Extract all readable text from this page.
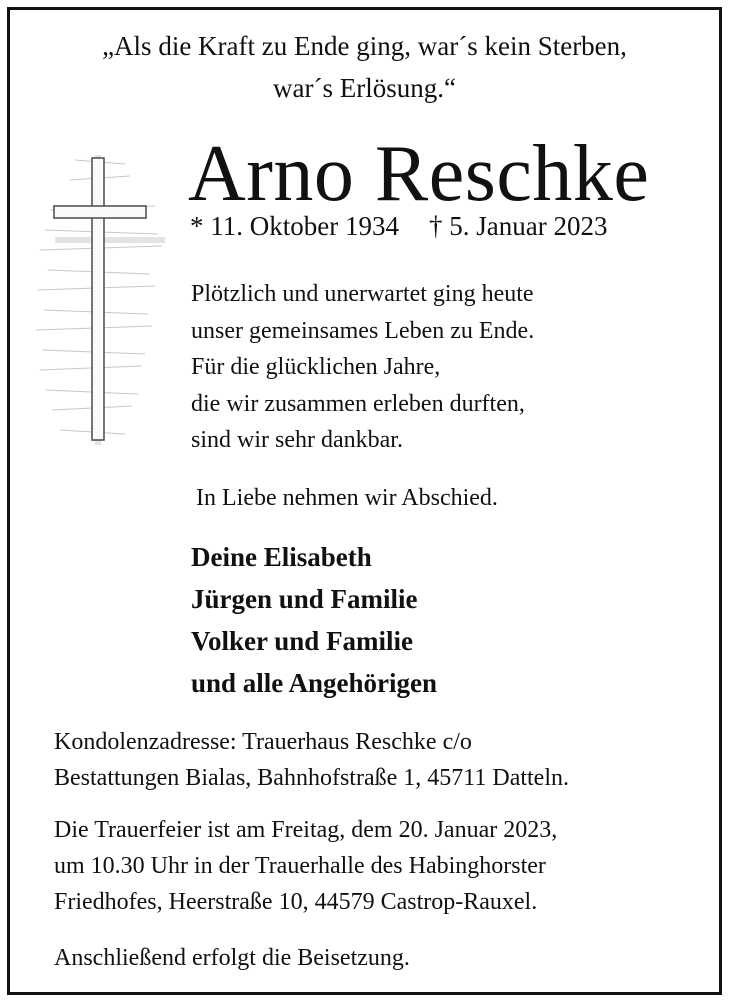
„Als die Kraft zu Ende ging, war´s kein Sterben,

war´s Erlösung.“

Arno Reschke

* 11. Oktober 1934 † 5. Januar 2023

Plötzlich und unerwartet ging heute
unser gemeinsames Leben zu Ende.
Für die glücklichen Jahre,
die wir zusammen erleben durften,
sind wir sehr dankbar.

In Liebe nehmen wir Abschied.

Deine Elisabeth
Jürgen und Familie
Volker und Familie
und alle Angehörigen
Kondolenzadresse: Trauerhaus Reschke c/o
Bestattungen Bialas, Bahnhofstraße 1, 45711 Datteln.
Die Trauerfeier ist am Freitag, dem 20. Januar 2023,
um 10.30 Uhr in der Trauerhalle des Habinghorster
Friedhofes, Heerstraße 10, 44579 Castrop-Rauxel.

Anschließend erfolgt die Beisetzung.
